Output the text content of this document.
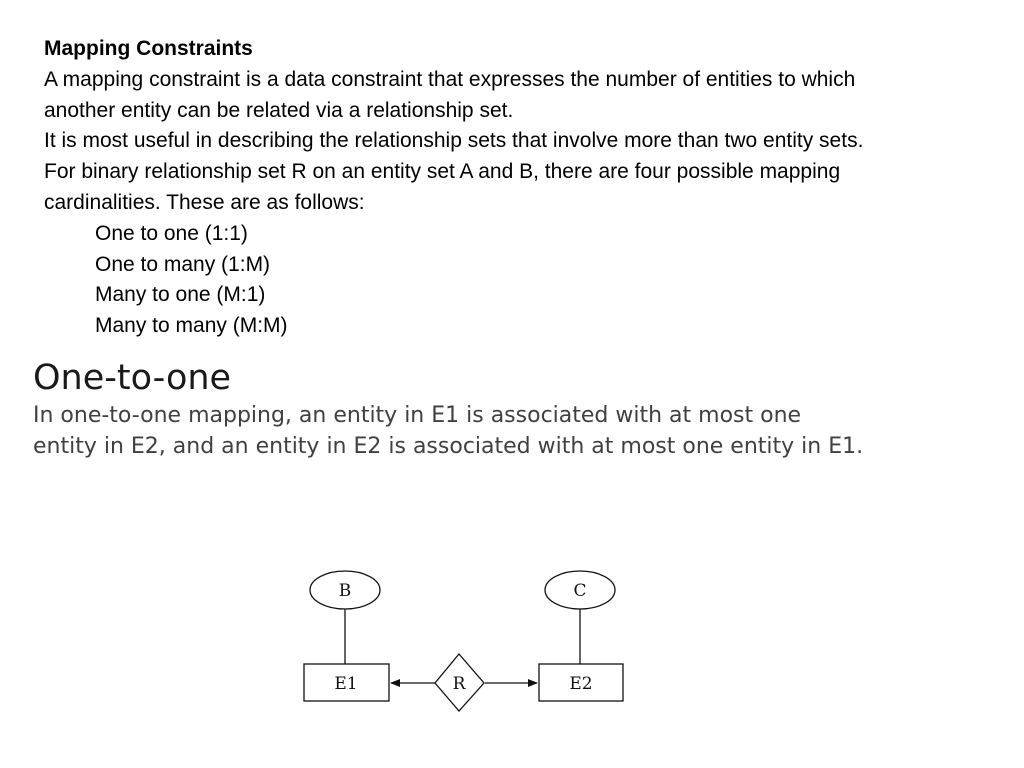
Mapping Constraints
A mapping constraint is a data constraint that expresses the number of entities to which
another entity can be related via a relationship set.
It is most useful in describing the relationship sets that involve more than two entity sets.
For binary relationship set R on an entity set A and B, there are four possible mapping
cardinalities. These are as follows:
One to one (1:1)
One to many (1:M)
Many to one (M:1)
Many to many (M:M)
One-to-one
In one-to-one mapping, an entity in E1 is associated with at most one
entity in E2, and an entity in E2 is associated with at most one entity in E1.
B	C
E1	E2
R
